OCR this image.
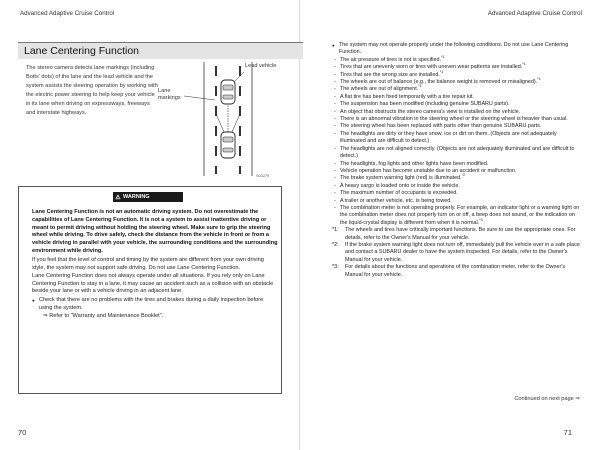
Advanced Adaptive Cruise Control	Advanced Adaptive Cruise Control
Lane Centering Function
The stereo camera detects lane markings (including Botts' dots) of the lane and the lead vehicle and the system assists the steering operation by working with the electric power steering to help keep your vehicle in its lane when driving on expressways, freeways and interstate highways.
Lead vehicle
Lane markings
S03279
⚠ WARNING

Lane Centering Function is not an automatic driving system. Do not overestimate the capabilities of Lane Centering Function. It is not a system to assist inattentive driving or meant to permit driving without holding the steering wheel. Make sure to grip the steering wheel while driving. To drive safely, check the distance from the vehicle in front or from a vehicle driving in parallel with your vehicle, the surrounding conditions and the surrounding environment while driving.

If you feel that the level of control and timing by the system are different from your own driving style, the system may not support safe driving. Do not use Lane Centering Function.

Lane Centering Function does not always operate under all situations. If you rely only on Lane Centering Function to stay in a lane, it may cause an accident such as a collision with an obstacle beside your lane or with a vehicle driving in an adjacent lane.

● Check that there are no problems with the tires and brakes during a daily inspection before using the system.

⇒ Refer to “Warranty and Maintenance Booklet”.

● The system may not operate properly under the following conditions. Do not use Lane Centering Function.
- The air pressure of tires is not is specified.$^{*1}$
- Tires that are unevenly worn or tires with uneven wear patterns are installed.$^{*1}$
- Tires that are the wrong size are installed.$^{*1}$
- The wheels are out of balance (e.g., the balance weight is removed or misaligned).$^{*1}$
- The wheels are out of alignment.$^{*1}$
- A flat tire has been fixed temporarily with a tire repair kit.
- The suspension has been modified (including genuine SUBARU parts).
- An object that obstructs the stereo camera's view is installed on the vehicle.
- There is an abnormal vibration in the steering wheel or the steering wheel is heavier than usual.
- The steering wheel has been replaced with parts other than genuine SUBARU parts.
- The headlights are dirty or they have snow, ice or dirt on them. (Objects are not adequately illuminated and are difficult to detect.)
- The headlights are not aligned correctly. (Objects are not adequately illuminated and are difficult to detect.)
- The headlights, fog lights and other lights have been modified.
- Vehicle operation has become unstable due to an accident or malfunction.
- The brake system warning light (red) is illuminated.$^{*2}$
- A heavy cargo is loaded onto or inside the vehicle.
- The maximum number of occupants is exceeded.
- A trailer or another vehicle, etc. is being towed.
- The combination meter is not operating properly. For example, an indicator light or a warning light on the combination meter does not properly turn on or off, a beep does not sound, or the indication on the liquid-crystal display is different from when it is normal.$^{*3}$
*1: The wheels and tires have critically important functions. Be sure to use the appropriate ones. For details, refer to the Owner's Manual for your vehicle.
*2: If the brake system warning light does not turn off, immediately pull the vehicle over in a safe place and contact a SUBARU dealer to have the system inspected. For details, refer to the Owner's Manual for your vehicle.
*3: For details about the functions and operations of the combination meter, refer to the Owner's Manual for your vehicle.
Continued on next page ⇒
70	71
